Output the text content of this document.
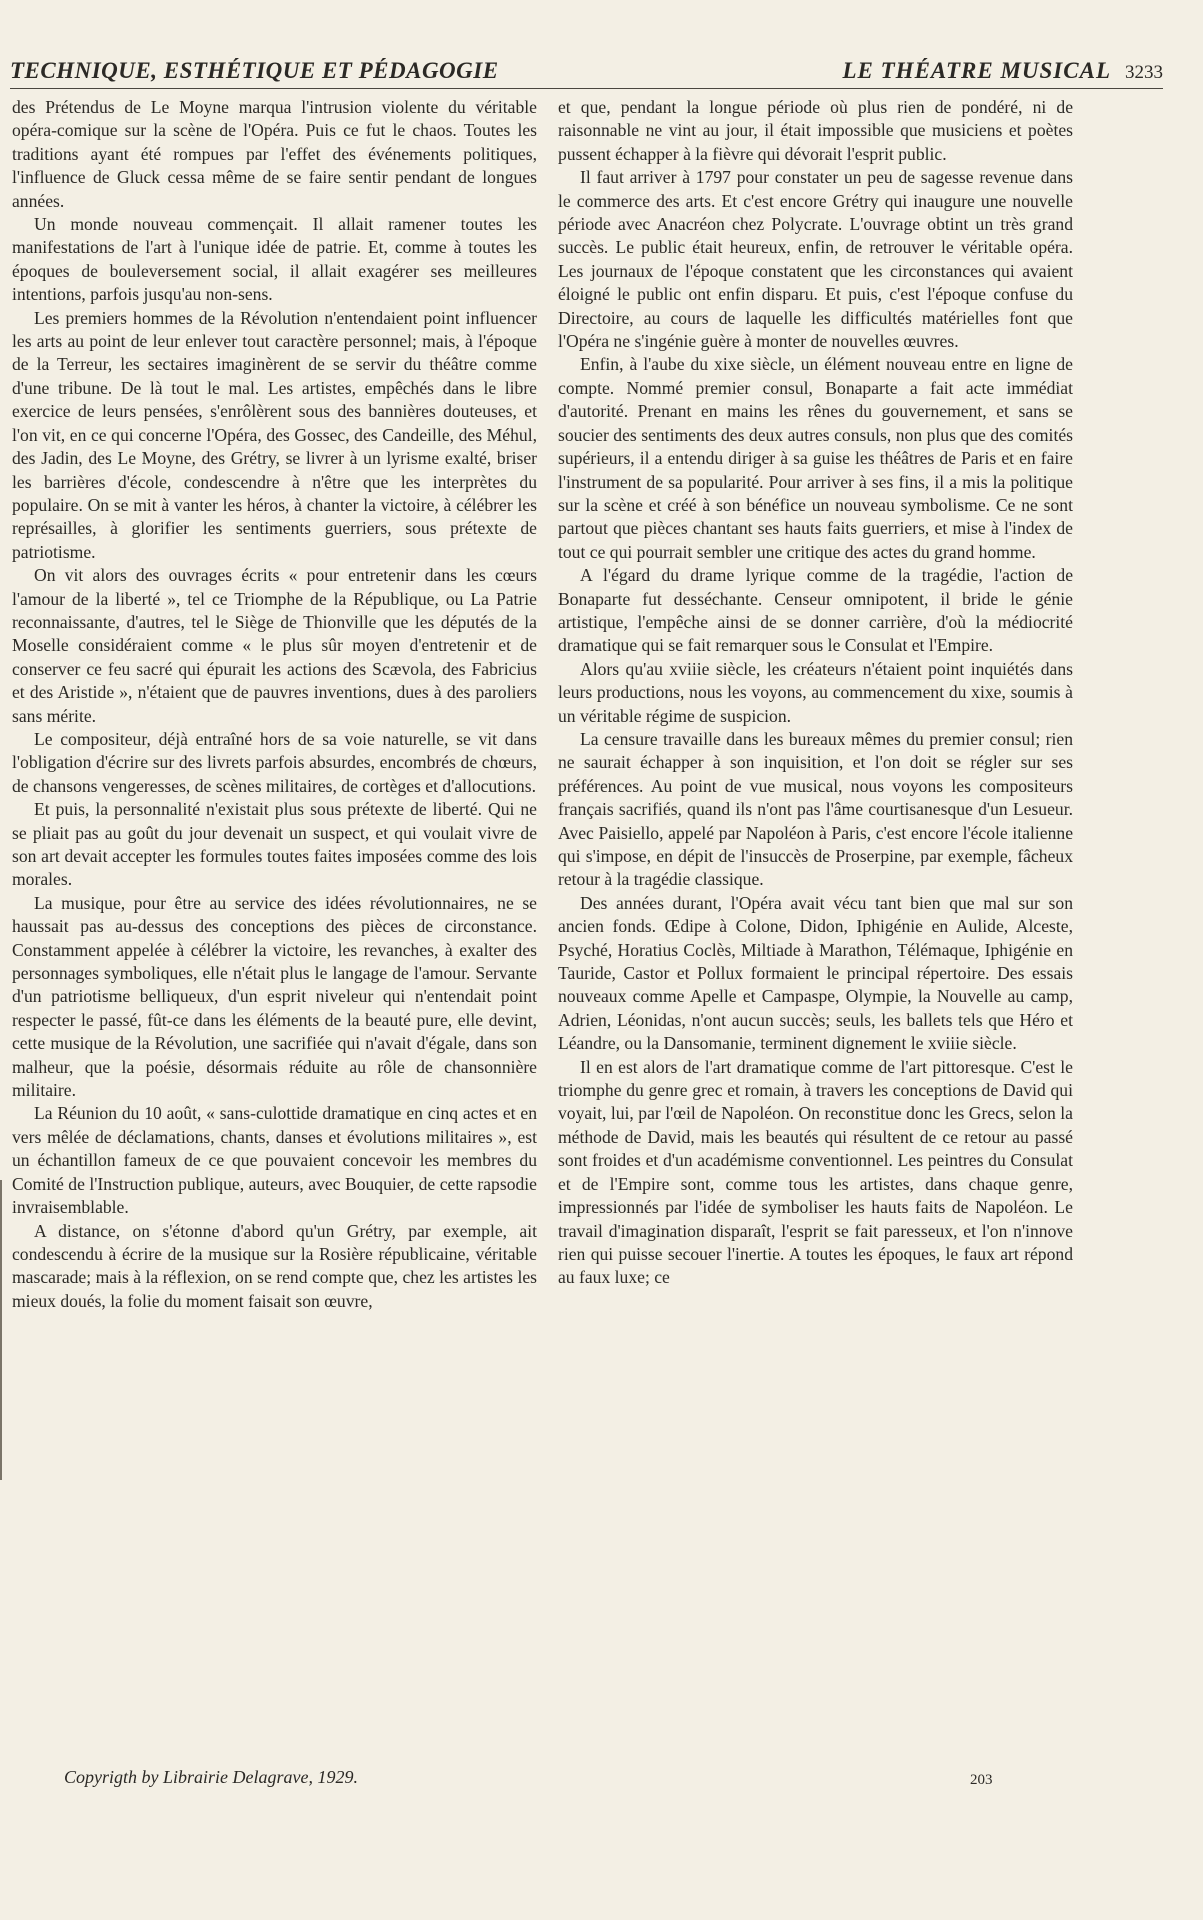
TECHNIQUE, ESTHÉTIQUE ET PÉDAGOGIE	LE THÉATRE MUSICAL 3233

des Prétendus de Le Moyne marqua l'intrusion violente du véritable opéra-comique sur la scène de l'Opéra. Puis ce fut le chaos. Toutes les traditions ayant été rompues par l'effet des événements politiques, l'influence de Gluck cessa même de se faire sentir pendant de longues années.

Un monde nouveau commençait. Il allait ramener toutes les manifestations de l'art à l'unique idée de patrie. Et, comme à toutes les époques de bouleversement social, il allait exagérer ses meilleures intentions, parfois jusqu'au non-sens.

Les premiers hommes de la Révolution n'entendaient point influencer les arts au point de leur enlever tout caractère personnel; mais, à l'époque de la Terreur, les sectaires imaginèrent de se servir du théâtre comme d'une tribune. De là tout le mal. Les artistes, empêchés dans le libre exercice de leurs pensées, s'enrôlèrent sous des bannières douteuses, et l'on vit, en ce qui concerne l'Opéra, des Gossec, des Candeille, des Méhul, des Jadin, des Le Moyne, des Grétry, se livrer à un lyrisme exalté, briser les barrières d'école, condescendre à n'être que les interprètes du populaire. On se mit à vanter les héros, à chanter la victoire, à célébrer les représailles, à glorifier les sentiments guerriers, sous prétexte de patriotisme.

On vit alors des ouvrages écrits « pour entretenir dans les cœurs l'amour de la liberté », tel ce Triomphe de la République, ou La Patrie reconnaissante, d'autres, tel le Siège de Thionville que les députés de la Moselle considéraient comme « le plus sûr moyen d'entretenir et de conserver ce feu sacré qui épurait les actions des Scævola, des Fabricius et des Aristide », n'étaient que de pauvres inventions, dues à des paroliers sans mérite.

Le compositeur, déjà entraîné hors de sa voie naturelle, se vit dans l'obligation d'écrire sur des livrets parfois absurdes, encombrés de chœurs, de chansons vengeresses, de scènes militaires, de cortèges et d'allocutions.

Et puis, la personnalité n'existait plus sous prétexte de liberté. Qui ne se pliait pas au goût du jour devenait un suspect, et qui voulait vivre de son art devait accepter les formules toutes faites imposées comme des lois morales.

La musique, pour être au service des idées révolutionnaires, ne se haussait pas au-dessus des conceptions des pièces de circonstance. Constamment appelée à célébrer la victoire, les revanches, à exalter des personnages symboliques, elle n'était plus le langage de l'amour. Servante d'un patriotisme belliqueux, d'un esprit niveleur qui n'entendait point respecter le passé, fût-ce dans les éléments de la beauté pure, elle devint, cette musique de la Révolution, une sacrifiée qui n'avait d'égale, dans son malheur, que la poésie, désormais réduite au rôle de chansonnière militaire.

La Réunion du 10 août, « sans-culottide dramatique en cinq actes et en vers mêlée de déclamations, chants, danses et évolutions militaires », est un échantillon fameux de ce que pouvaient concevoir les membres du Comité de l'Instruction publique, auteurs, avec Bouquier, de cette rapsodie invraisemblable.

A distance, on s'étonne d'abord qu'un Grétry, par exemple, ait condescendu à écrire de la musique sur la Rosière républicaine, véritable mascarade; mais à la réflexion, on se rend compte que, chez les artistes les mieux doués, la folie du moment faisait son œuvre,

et que, pendant la longue période où plus rien de pondéré, ni de raisonnable ne vint au jour, il était impossible que musiciens et poètes pussent échapper à la fièvre qui dévorait l'esprit public.

Il faut arriver à 1797 pour constater un peu de sagesse revenue dans le commerce des arts. Et c'est encore Grétry qui inaugure une nouvelle période avec Anacréon chez Polycrate. L'ouvrage obtint un très grand succès. Le public était heureux, enfin, de retrouver le véritable opéra. Les journaux de l'époque constatent que les circonstances qui avaient éloigné le public ont enfin disparu. Et puis, c'est l'époque confuse du Directoire, au cours de laquelle les difficultés matérielles font que l'Opéra ne s'ingénie guère à monter de nouvelles œuvres.

Enfin, à l'aube du xixe siècle, un élément nouveau entre en ligne de compte. Nommé premier consul, Bonaparte a fait acte immédiat d'autorité. Prenant en mains les rênes du gouvernement, et sans se soucier des sentiments des deux autres consuls, non plus que des comités supérieurs, il a entendu diriger à sa guise les théâtres de Paris et en faire l'instrument de sa popularité. Pour arriver à ses fins, il a mis la politique sur la scène et créé à son bénéfice un nouveau symbolisme. Ce ne sont partout que pièces chantant ses hauts faits guerriers, et mise à l'index de tout ce qui pourrait sembler une critique des actes du grand homme.

A l'égard du drame lyrique comme de la tragédie, l'action de Bonaparte fut desséchante. Censeur omnipotent, il bride le génie artistique, l'empêche ainsi de se donner carrière, d'où la médiocrité dramatique qui se fait remarquer sous le Consulat et l'Empire.

Alors qu'au xviiie siècle, les créateurs n'étaient point inquiétés dans leurs productions, nous les voyons, au commencement du xixe, soumis à un véritable régime de suspicion.

La censure travaille dans les bureaux mêmes du premier consul; rien ne saurait échapper à son inquisition, et l'on doit se régler sur ses préférences. Au point de vue musical, nous voyons les compositeurs français sacrifiés, quand ils n'ont pas l'âme courtisanesque d'un Lesueur. Avec Paisiello, appelé par Napoléon à Paris, c'est encore l'école italienne qui s'impose, en dépit de l'insuccès de Proserpine, par exemple, fâcheux retour à la tragédie classique.

Des années durant, l'Opéra avait vécu tant bien que mal sur son ancien fonds. Œdipe à Colone, Didon, Iphigénie en Aulide, Alceste, Psyché, Horatius Coclès, Miltiade à Marathon, Télémaque, Iphigénie en Tauride, Castor et Pollux formaient le principal répertoire. Des essais nouveaux comme Apelle et Campaspe, Olympie, la Nouvelle au camp, Adrien, Léonidas, n'ont aucun succès; seuls, les ballets tels que Héro et Léandre, ou la Dansomanie, terminent dignement le xviiie siècle.

Il en est alors de l'art dramatique comme de l'art pittoresque. C'est le triomphe du genre grec et romain, à travers les conceptions de David qui voyait, lui, par l'œil de Napoléon. On reconstitue donc les Grecs, selon la méthode de David, mais les beautés qui résultent de ce retour au passé sont froides et d'un académisme conventionnel. Les peintres du Consulat et de l'Empire sont, comme tous les artistes, dans chaque genre, impressionnés par l'idée de symboliser les hauts faits de Napoléon. Le travail d'imagination disparaît, l'esprit se fait paresseux, et l'on n'innove rien qui puisse secouer l'inertie. A toutes les époques, le faux art répond au faux luxe; ce

Copyrigth by Librairie Delagrave, 1929.	203
